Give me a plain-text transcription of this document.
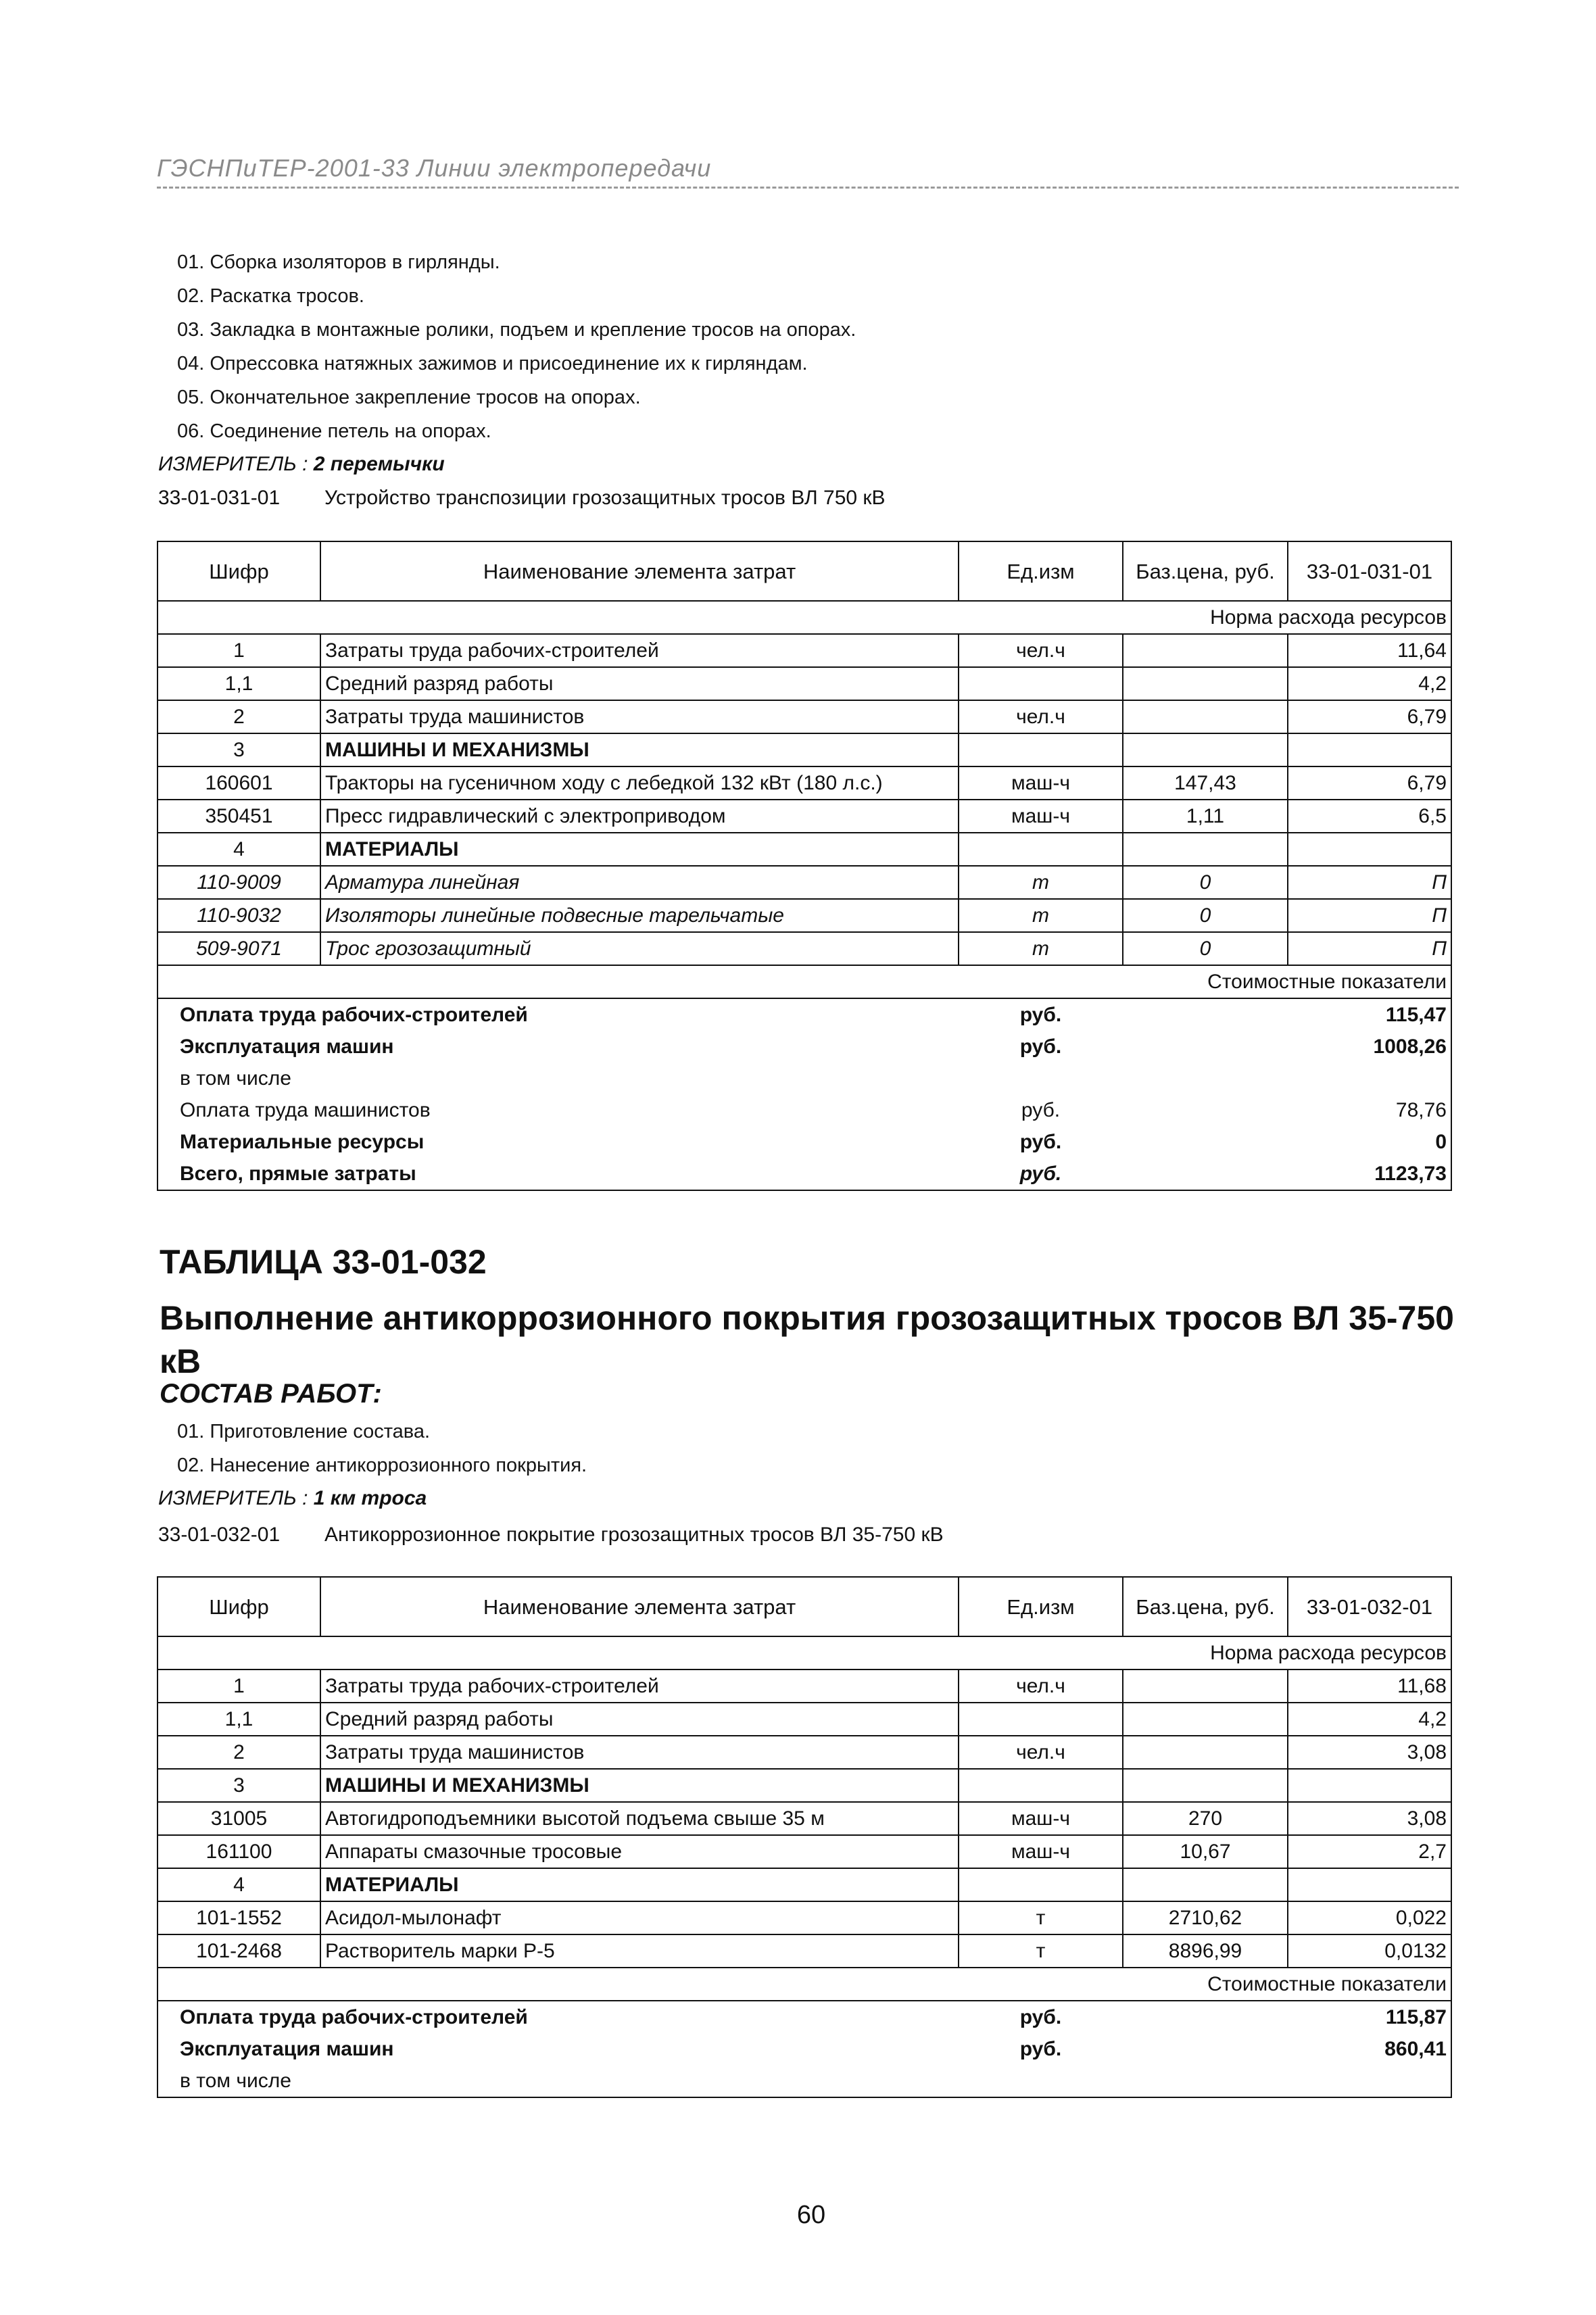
ГЭСНПиТЕР-2001-33 Линии электропередачи
01. Сборка изоляторов в гирлянды.
02. Раскатка тросов.
03. Закладка в монтажные ролики, подъем и крепление тросов на опорах.
04. Опрессовка натяжных зажимов и присоединение их к гирляндам.
05. Окончательное закрепление тросов на опорах.
06. Соединение петель на опорах.
ИЗМЕРИТЕЛЬ : 2 перемычки
33-01-031-01 Устройство транспозиции грозозащитных тросов ВЛ 750 кВ
Шифр	Наименование элемента затрат	Ед.изм	Баз.цена, руб.	33-01-031-01
Норма расхода ресурсов				
1	Затраты труда рабочих-строителей	чел.ч		11,64
1,1	Средний разряд работы			4,2
2	Затраты труда машинистов	чел.ч		6,79
3	МАШИНЫ И МЕХАНИЗМЫ			
160601	Тракторы на гусеничном ходу с лебедкой 132 кВт (180 л.с.)	маш-ч	147,43	6,79
350451	Пресс гидравлический с электроприводом	маш-ч	1,11	6,5
4	МАТЕРИАЛЫ			
110-9009	Арматура линейная	т	0	П
110-9032	Изоляторы линейные подвесные тарельчатые	т	0	П
509-9071	Трос грозозащитный	т	0	П
Стоимостные показатели				
Оплата труда рабочих-строителей		руб.		115,47
Эксплуатация машин		руб.		1008,26
в том числе				
Оплата труда машинистов		руб.		78,76
Материальные ресурсы		руб.		0
Всего, прямые затраты		руб.		1123,73
ТАБЛИЦА 33-01-032
Выполнение антикоррозионного покрытия грозозащитных тросов ВЛ 35-750 кВ
СОСТАВ РАБОТ:
01. Приготовление состава.
02. Нанесение антикоррозионного покрытия.
ИЗМЕРИТЕЛЬ : 1 км троса
33-01-032-01 Антикоррозионное покрытие грозозащитных тросов ВЛ 35-750 кВ
Шифр	Наименование элемента затрат	Ед.изм	Баз.цена, руб.	33-01-032-01
Норма расхода ресурсов				
1	Затраты труда рабочих-строителей	чел.ч		11,68
1,1	Средний разряд работы			4,2
2	Затраты труда машинистов	чел.ч		3,08
3	МАШИНЫ И МЕХАНИЗМЫ			
31005	Автогидроподъемники высотой подъема свыше 35 м	маш-ч	270	3,08
161100	Аппараты смазочные тросовые	маш-ч	10,67	2,7
4	МАТЕРИАЛЫ			
101-1552	Асидол-мылонафт	т	2710,62	0,022
101-2468	Растворитель марки Р-5	т	8896,99	0,0132
Стоимостные показатели				
Оплата труда рабочих-строителей		руб.		115,87
Эксплуатация машин		руб.		860,41
в том числе				
60
